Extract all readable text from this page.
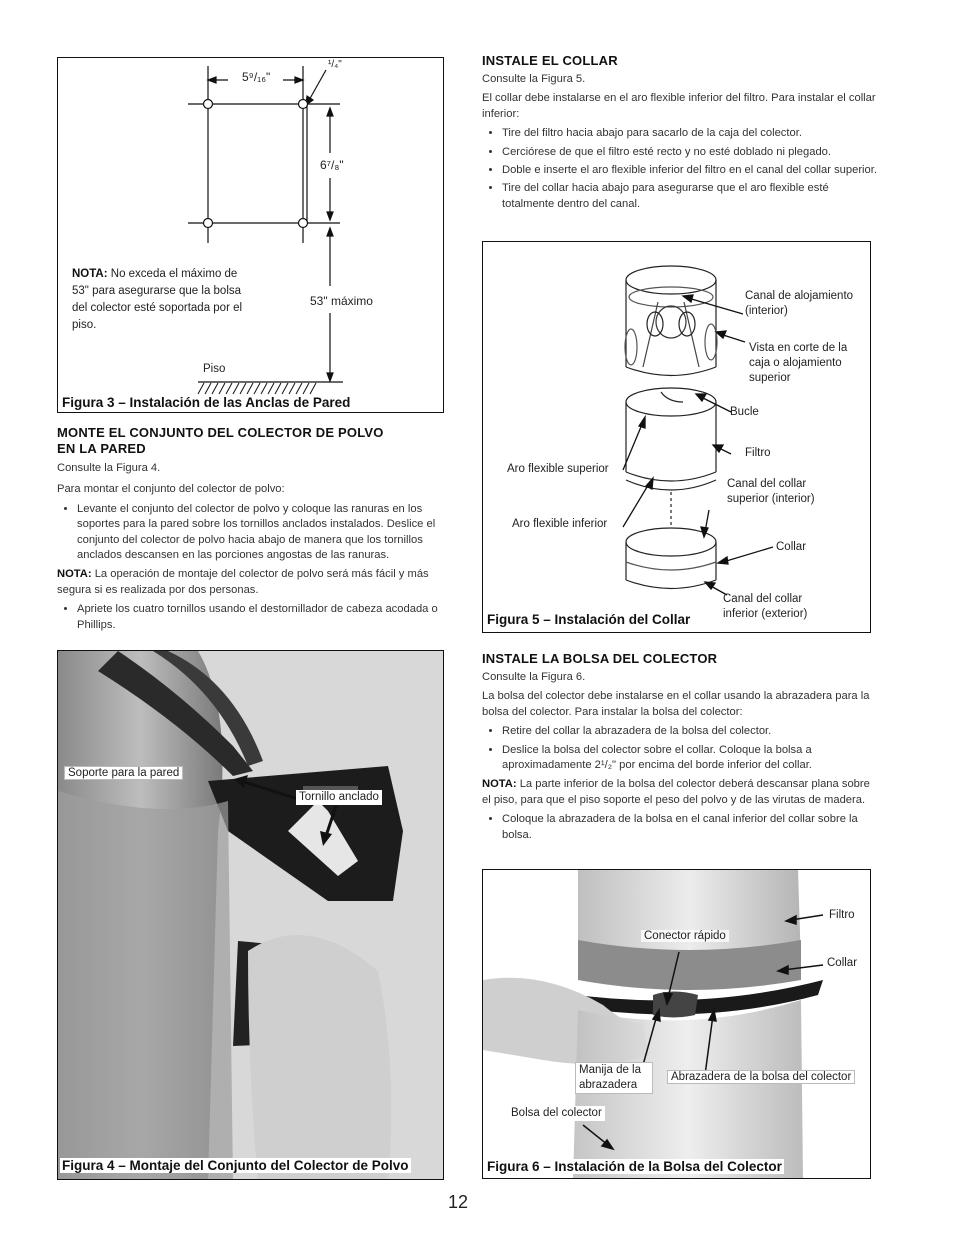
5⁹/₁₆"
¹/₄"
6⁷/₈"
53" máximo
NOTA: No exceda el máximo de 53" para asegurarse que la bolsa del colector esté soportada por el piso.
Piso
Figura 3 – Instalación de las Anclas de Pared
MONTE EL CONJUNTO DEL COLECTOR DE POLVO
EN LA PARED

Consulte la Figura 4.

Para montar el conjunto del colector de polvo:

• Levante el conjunto del colector de polvo y coloque las ranuras en los soportes para la pared sobre los tornillos anclados instalados. Deslice el conjunto del colector de polvo hacia abajo de manera que los tornillos anclados descansen en las porciones angostas de las ranuras.

NOTA: La operación de montaje del colector de polvo será más fácil y más segura si es realizada por dos personas.

• Apriete los cuatro tornillos usando el destornillador de cabeza acodada o Phillips.
Soporte para la pared
Tornillo anclado
Figura 4 – Montaje del Conjunto del Colector de Polvo
INSTALE EL COLLAR

Consulte la Figura 5.

El collar debe instalarse en el aro flexible inferior del filtro. Para instalar el collar inferior:

• Tire del filtro hacia abajo para sacarlo de la caja del colector.
• Cerciórese de que el filtro esté recto y no esté doblado ni plegado.
• Doble e inserte el aro flexible inferior del filtro en el canal del collar superior.
• Tire del collar hacia abajo para asegurarse que el aro flexible esté totalmente dentro del canal.
Canal de alojamiento (interior)
Vista en corte de la caja o alojamiento superior
Bucle
Filtro
Aro flexible superior
Canal del collar superior (interior)
Aro flexible inferior
Collar
Canal del collar inferior (exterior)
Figura 5 – Instalación del Collar
INSTALE LA BOLSA DEL COLECTOR

Consulte la Figura 6.

La bolsa del colector debe instalarse en el collar usando la abrazadera para la bolsa del colector. Para instalar la bolsa del colector:

• Retire del collar la abrazadera de la bolsa del colector.
• Deslice la bolsa del colector sobre el collar. Coloque la bolsa a aproximadamente 2¹/₂" por encima del borde inferior del collar.

NOTA: La parte inferior de la bolsa del colector deberá descansar plana sobre el piso, para que el piso soporte el peso del polvo y de las virutas de madera.

• Coloque la abrazadera de la bolsa en el canal inferior del collar sobre la bolsa.
Filtro
Conector rápido
Collar
Manija de la abrazadera
Abrazadera de la bolsa del colector
Bolsa del colector
Figura 6 – Instalación de la Bolsa del Colector
12
